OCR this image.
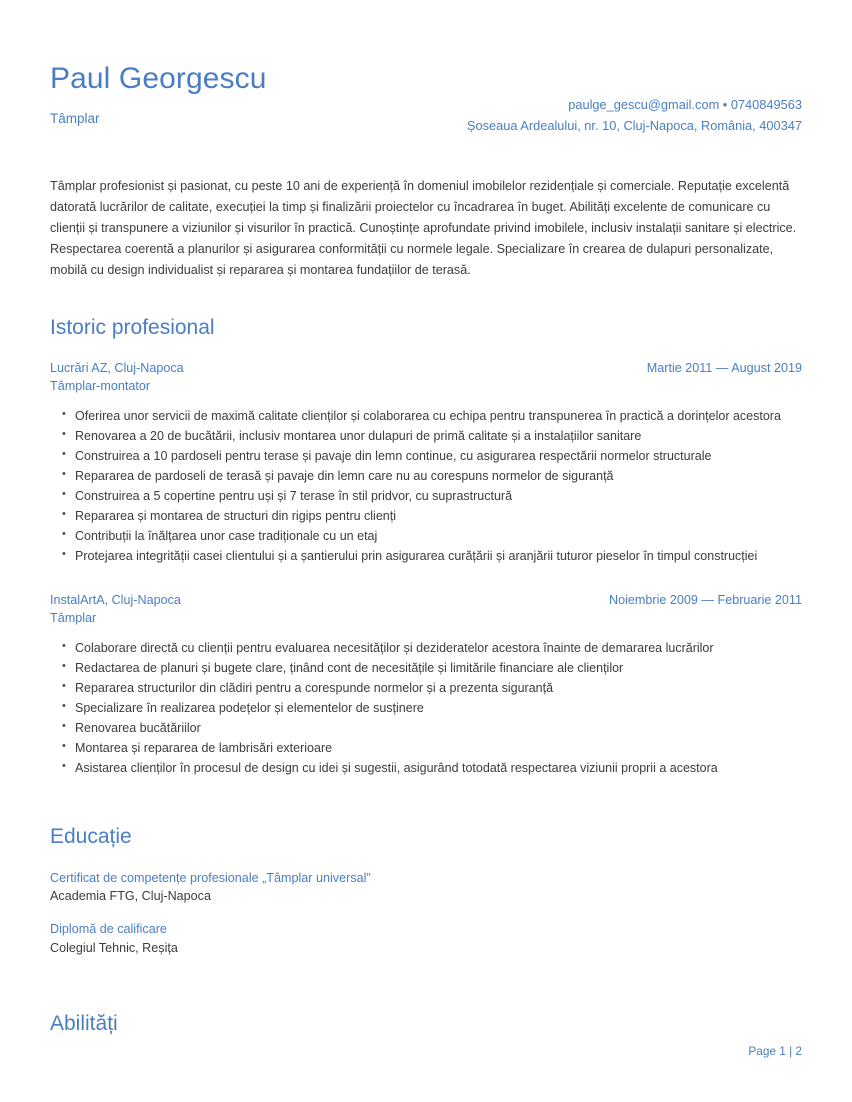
Paul Georgescu
Tâmplar
paulge_gescu@gmail.com • 0740849563
Șoseaua Ardealului, nr. 10, Cluj-Napoca, România, 400347
Tâmplar profesionist și pasionat, cu peste 10 ani de experiență în domeniul imobilelor rezidențiale și comerciale. Reputație excelentă datorată lucrărilor de calitate, execuției la timp și finalizării proiectelor cu încadrarea în buget. Abilități excelente de comunicare cu clienții și transpunere a viziunilor și visurilor în practică. Cunoștințe aprofundate privind imobilele, inclusiv instalații sanitare și electrice. Respectarea coerentă a planurilor și asigurarea conformității cu normele legale. Specializare în crearea de dulapuri personalizate, mobilă cu design individualist și repararea și montarea fundațiilor de terasă.
Istoric profesional
Lucrări AZ, Cluj-Napoca	Martie 2011 — August 2019
Tâmplar-montator
• Oferirea unor servicii de maximă calitate clienților și colaborarea cu echipa pentru transpunerea în practică a dorințelor acestora
• Renovarea a 20 de bucătării, inclusiv montarea unor dulapuri de primă calitate și a instalațiilor sanitare
• Construirea a 10 pardoseli pentru terase și pavaje din lemn continue, cu asigurarea respectării normelor structurale
• Repararea de pardoseli de terasă și pavaje din lemn care nu au corespuns normelor de siguranță
• Construirea a 5 copertine pentru uși și 7 terase în stil pridvor, cu suprastructură
• Repararea și montarea de structuri din rigips pentru clienți
• Contribuții la înălțarea unor case tradiționale cu un etaj
• Protejarea integrității casei clientului și a șantierului prin asigurarea curățării și aranjării tuturor pieselor în timpul construcției
InstalArtA, Cluj-Napoca	Noiembrie 2009 — Februarie 2011
Tâmplar
• Colaborare directă cu clienții pentru evaluarea necesităților și dezideratelor acestora înainte de demararea lucrărilor
• Redactarea de planuri și bugete clare, ținând cont de necesitățile și limitările financiare ale clienților
• Repararea structurilor din clădiri pentru a corespunde normelor și a prezenta siguranță
• Specializare în realizarea podețelor și elementelor de susținere
• Renovarea bucătăriilor
• Montarea și repararea de lambrisări exterioare
• Asistarea clienților în procesul de design cu idei și sugestii, asigurând totodată respectarea viziunii proprii a acestora
Educație
Certificat de competențe profesionale „Tâmplar universal”
Academia FTG, Cluj-Napoca
Diplomă de calificare
Colegiul Tehnic, Reșița
Abilități
Page 1 | 2
